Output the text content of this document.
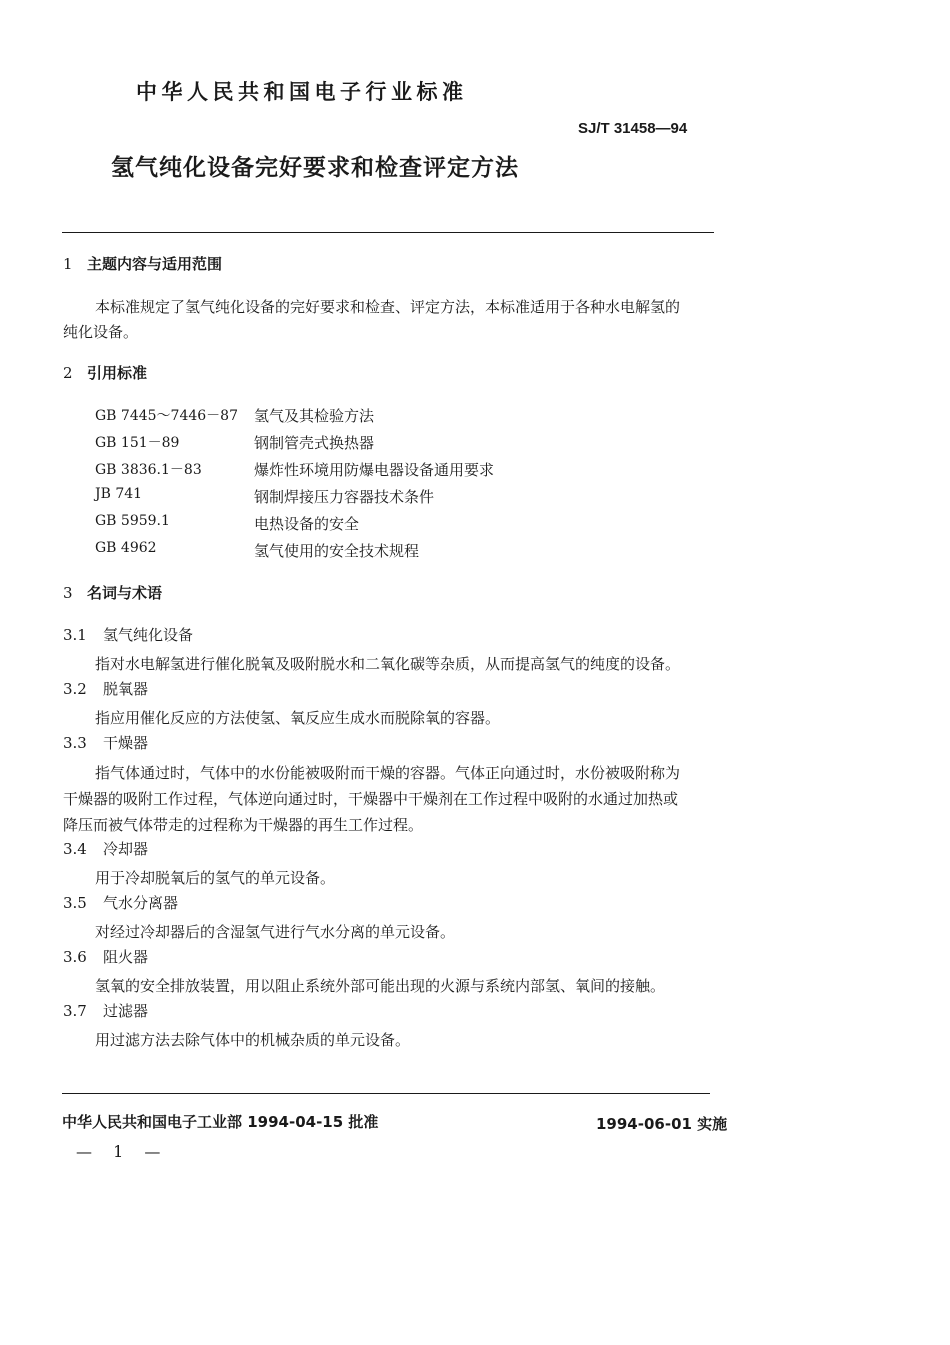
中华人民共和国电子行业标准
SJ/T 31458—94
氢气纯化设备完好要求和检查评定方法
1 主题内容与适用范围
本标准规定了氢气纯化设备的完好要求和检查、评定方法，本标准适用于各种水电解氢的
纯化设备。
2 引用标准
GB 7445～7446－87 氢气及其检验方法
GB 151－89	钢制管壳式换热器
GB 3836.1－83	爆炸性环境用防爆电器设备通用要求
JB 741	钢制焊接压力容器技术条件
GB 5959.1	电热设备的安全
GB 4962	氢气使用的安全技术规程
3 名词与术语
3.1 氢气纯化设备
指对水电解氢进行催化脱氧及吸附脱水和二氧化碳等杂质，从而提高氢气的纯度的设备。
3.2 脱氧器
指应用催化反应的方法使氢、氧反应生成水而脱除氧的容器。
3.3 干燥器
指气体通过时，气体中的水份能被吸附而干燥的容器。气体正向通过时，水份被吸附称为
干燥器的吸附工作过程，气体逆向通过时，干燥器中干燥剂在工作过程中吸附的水通过加热或
降压而被气体带走的过程称为干燥器的再生工作过程。
3.4 冷却器
用于冷却脱氧后的氢气的单元设备。
3.5 气水分离器
对经过冷却器后的含湿氢气进行气水分离的单元设备。
3.6 阻火器
氢氧的安全排放装置，用以阻止系统外部可能出现的火源与系统内部氢、氧间的接触。
3.7 过滤器
用过滤方法去除气体中的机械杂质的单元设备。
中华人民共和国电子工业部 1994-04-15 批准	1994-06-01 实施
— 1 —
